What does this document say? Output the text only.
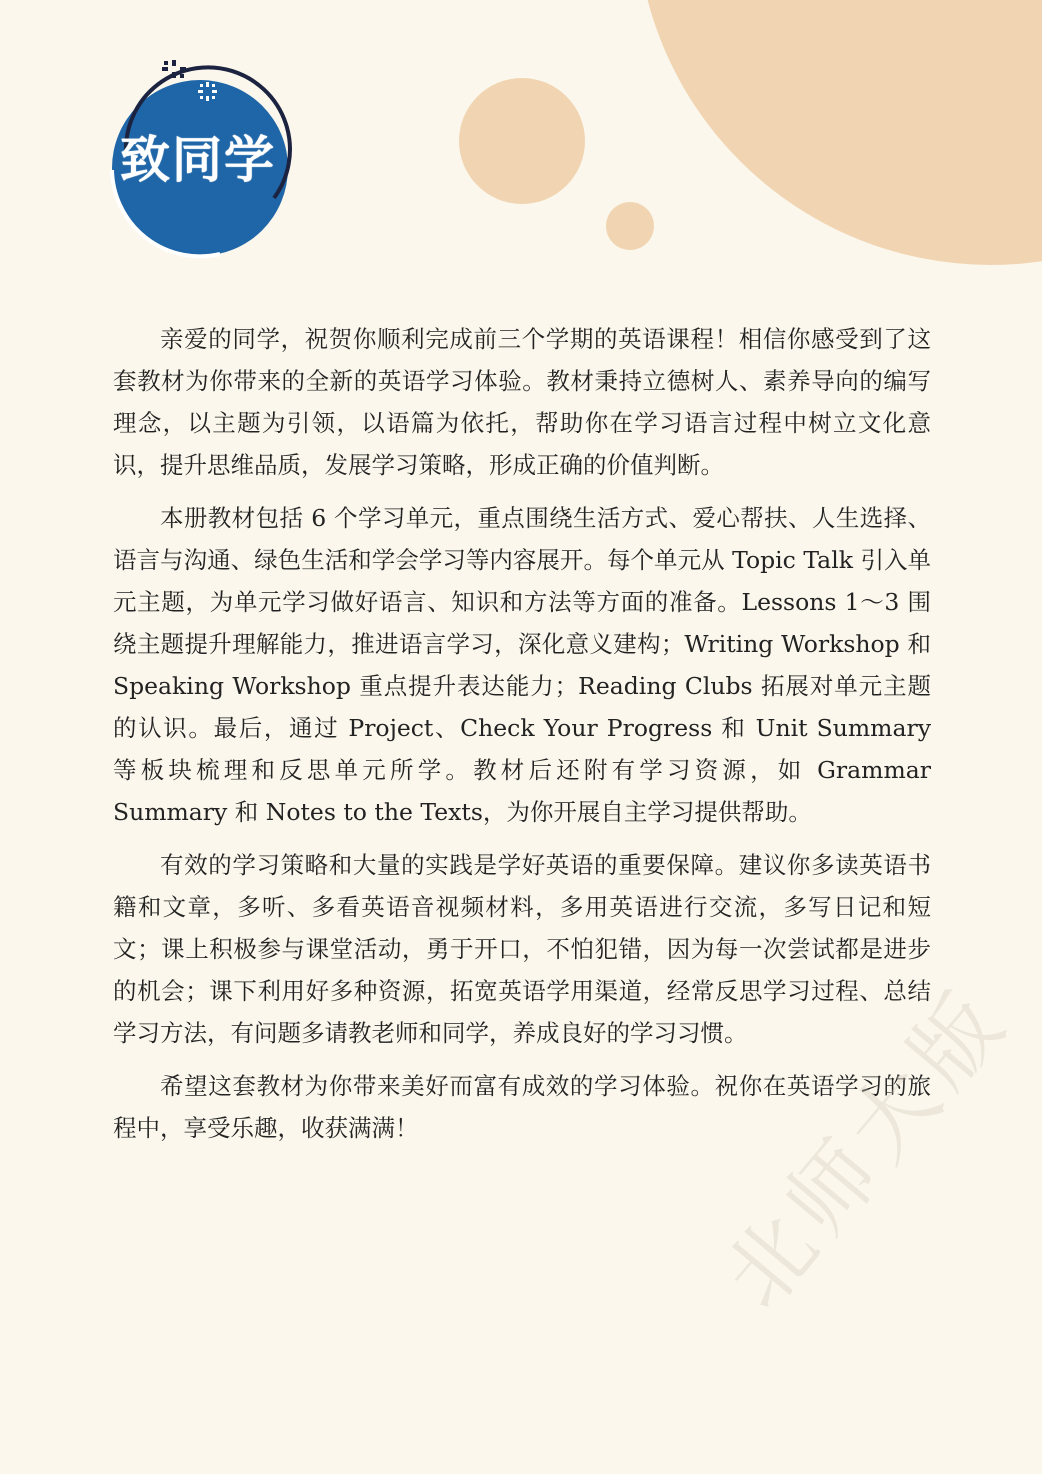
致同学

亲爱的同学，祝贺你顺利完成前三个学期的英语课程！相信你感受到了这套教材为你带来的全新的英语学习体验。教材秉持立德树人、素养导向的编写理念，以主题为引领，以语篇为依托，帮助你在学习语言过程中树立文化意识，提升思维品质，发展学习策略，形成正确的价值判断。

本册教材包括 6 个学习单元，重点围绕生活方式、爱心帮扶、人生选择、语言与沟通、绿色生活和学会学习等内容展开。每个单元从 Topic Talk 引入单元主题，为单元学习做好语言、知识和方法等方面的准备。Lessons 1～3 围绕主题提升理解能力，推进语言学习，深化意义建构；Writing Workshop 和 Speaking Workshop 重点提升表达能力；Reading Clubs 拓展对单元主题的认识。最后，通过 Project、Check Your Progress 和 Unit Summary 等板块梳理和反思单元所学。教材后还附有学习资源，如 Grammar Summary 和 Notes to the Texts，为你开展自主学习提供帮助。

有效的学习策略和大量的实践是学好英语的重要保障。建议你多读英语书籍和文章，多听、多看英语音视频材料，多用英语进行交流，多写日记和短文；课上积极参与课堂活动，勇于开口，不怕犯错，因为每一次尝试都是进步的机会；课下利用好多种资源，拓宽英语学用渠道，经常反思学习过程、总结学习方法，有问题多请教老师和同学，养成良好的学习习惯。

希望这套教材为你带来美好而富有成效的学习体验。祝你在英语学习的旅程中，享受乐趣，收获满满！	北师大版
